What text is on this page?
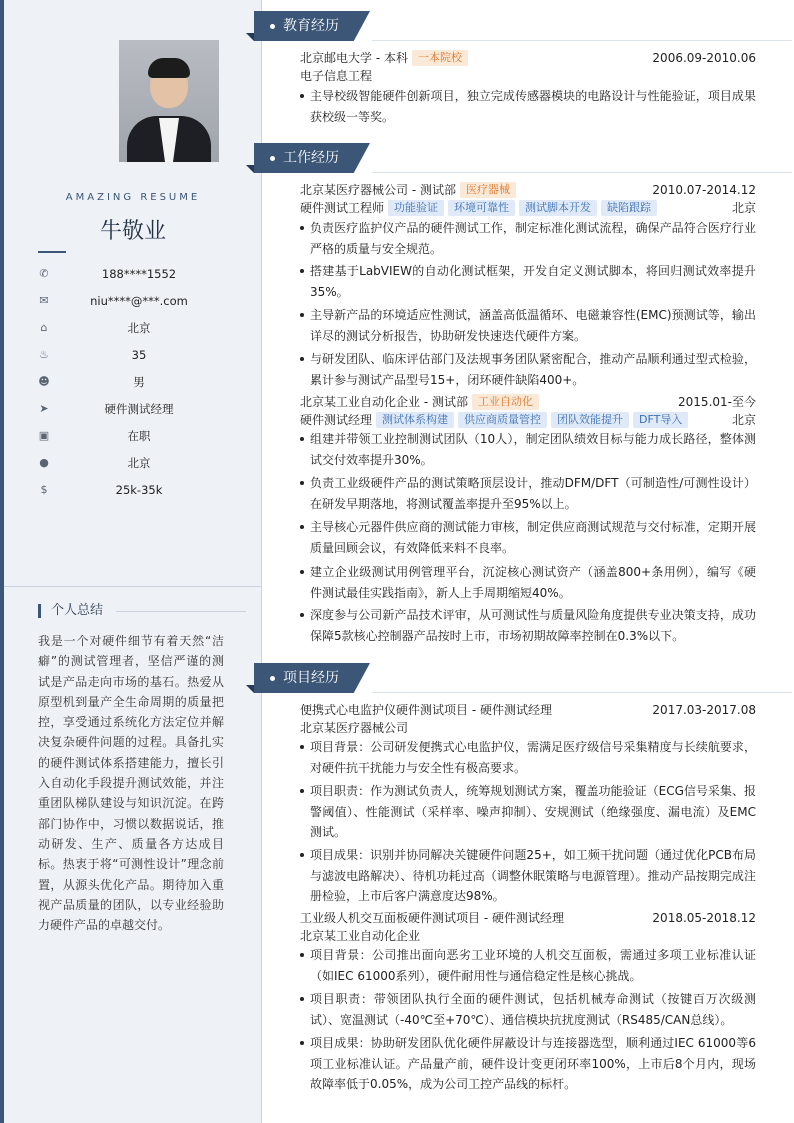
AMAZING RESUME
牛敬业
✆	188****1552
✉	niu****@***.com
⌂	北京
♨	35
☻	男
➤	硬件测试经理
▣	在职
●	北京
$	25k-35k
个人总结
我是一个对硬件细节有着天然“洁癖”的测试管理者，坚信严谨的测试是产品走向市场的基石。热爱从原型机到量产全生命周期的质量把控，享受通过系统化方法定位并解决复杂硬件问题的过程。具备扎实的硬件测试体系搭建能力，擅长引入自动化手段提升测试效能，并注重团队梯队建设与知识沉淀。在跨部门协作中，习惯以数据说话，推动研发、生产、质量各方达成目标。热衷于将“可测性设计”理念前置，从源头优化产品。期待加入重视产品质量的团队，以专业经验助力硬件产品的卓越交付。
教育经历
北京邮电大学 - 本科 一本院校	2006.09-2010.06
电子信息工程
主导校级智能硬件创新项目，独立完成传感器模块的电路设计与性能验证，项目成果获校级一等奖。
工作经历
北京某医疗器械公司 - 测试部 医疗器械	2010.07-2014.12
硬件测试工程师 功能验证 环境可靠性 测试脚本开发 缺陷跟踪	北京
负责医疗监护仪产品的硬件测试工作，制定标准化测试流程，确保产品符合医疗行业严格的质量与安全规范。
搭建基于LabVIEW的自动化测试框架，开发自定义测试脚本，将回归测试效率提升35%。
主导新产品的环境适应性测试，涵盖高低温循环、电磁兼容性(EMC)预测试等，输出详尽的测试分析报告，协助研发快速迭代硬件方案。
与研发团队、临床评估部门及法规事务团队紧密配合，推动产品顺利通过型式检验，累计参与测试产品型号15+，闭环硬件缺陷400+。
北京某工业自动化企业 - 测试部 工业自动化	2015.01-至今
硬件测试经理 测试体系构建 供应商质量管控 团队效能提升 DFT导入	北京
组建并带领工业控制测试团队（10人），制定团队绩效目标与能力成长路径，整体测试交付效率提升30%。
负责工业级硬件产品的测试策略顶层设计，推动DFM/DFT（可制造性/可测性设计）在研发早期落地，将测试覆盖率提升至95%以上。
主导核心元器件供应商的测试能力审核，制定供应商测试规范与交付标准，定期开展质量回顾会议，有效降低来料不良率。
建立企业级测试用例管理平台，沉淀核心测试资产（涵盖800+条用例），编写《硬件测试最佳实践指南》，新人上手周期缩短40%。
深度参与公司新产品技术评审，从可测试性与质量风险角度提供专业决策支持，成功保障5款核心控制器产品按时上市，市场初期故障率控制在0.3%以下。
项目经历
便携式心电监护仪硬件测试项目 - 硬件测试经理	2017.03-2017.08
北京某医疗器械公司
项目背景：公司研发便携式心电监护仪，需满足医疗级信号采集精度与长续航要求，对硬件抗干扰能力与安全性有极高要求。
项目职责：作为测试负责人，统筹规划测试方案，覆盖功能验证（ECG信号采集、报警阈值）、性能测试（采样率、噪声抑制）、安规测试（绝缘强度、漏电流）及EMC测试。
项目成果：识别并协同解决关键硬件问题25+，如工频干扰问题（通过优化PCB布局与滤波电路解决）、待机功耗过高（调整休眠策略与电源管理）。推动产品按期完成注册检验，上市后客户满意度达98%。
工业级人机交互面板硬件测试项目 - 硬件测试经理	2018.05-2018.12
北京某工业自动化企业
项目背景：公司推出面向恶劣工业环境的人机交互面板，需通过多项工业标准认证（如IEC 61000系列），硬件耐用性与通信稳定性是核心挑战。
项目职责：带领团队执行全面的硬件测试，包括机械寿命测试（按键百万次级测试）、宽温测试（-40℃至+70℃）、通信模块抗扰度测试（RS485/CAN总线）。
项目成果：协助研发团队优化硬件屏蔽设计与连接器选型，顺利通过IEC 61000等6项工业标准认证。产品量产前，硬件设计变更闭环率100%，上市后8个月内，现场故障率低于0.05%，成为公司工控产品线的标杆。
